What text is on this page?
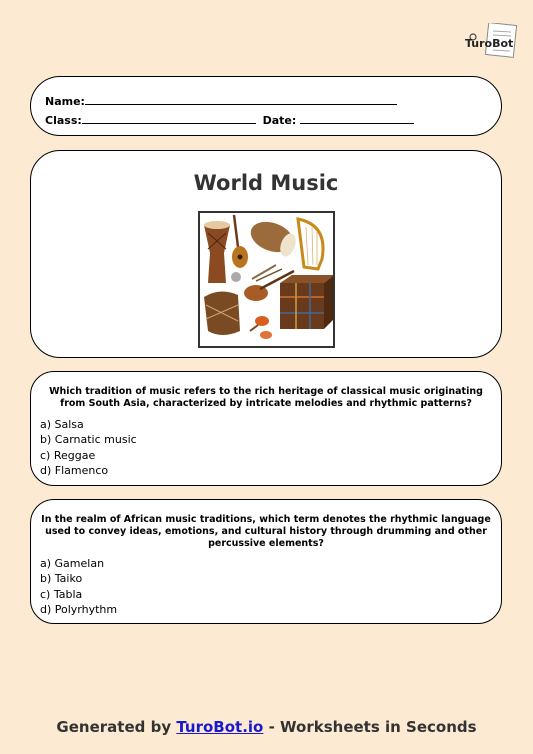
TuroBot
Name:
Class:	Date:
World Music
Which tradition of music refers to the rich heritage of classical music originating from South Asia, characterized by intricate melodies and rhythmic patterns?
a) Salsa
b) Carnatic music
c) Reggae
d) Flamenco
In the realm of African music traditions, which term denotes the rhythmic language used to convey ideas, emotions, and cultural history through drumming and other percussive elements?
a) Gamelan
b) Taiko
c) Tabla
d) Polyrhythm
Generated by TuroBot.io - Worksheets in Seconds
